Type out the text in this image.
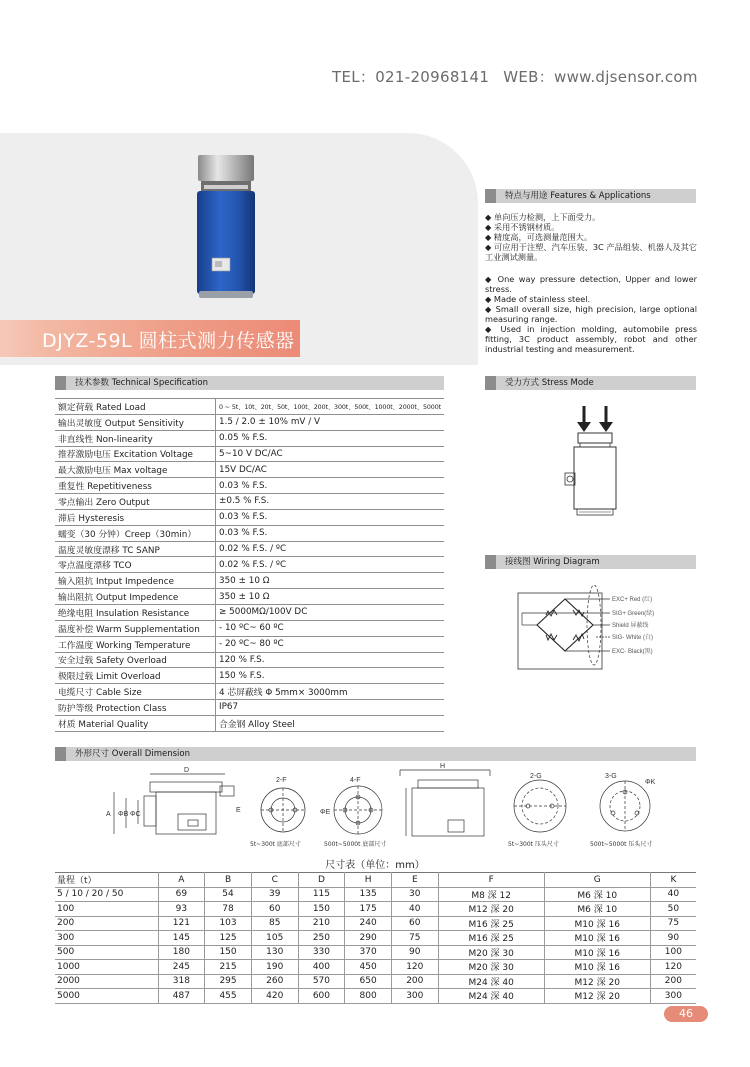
TEL：021-20968141 WEB：www.djsensor.com
DJYZ-59L 圆柱式测力传感器
特点与用途 Features & Applications
◆ 单向压力检测，上下面受力。
◆ 采用不锈钢材质。
◆ 精度高，可选测量范围大。
◆ 可应用于注塑、汽车压装、3C 产品组装、机器人及其它工业测试测量。
◆ One way pressure detection, Upper and lower stress.
◆ Made of stainless steel.
◆ Small overall size, high precision, large optional measuring range.
◆ Used in injection molding, automobile press fitting, 3C product assembly, robot and other industrial testing and measurement.
技术参数 Technical Specification
额定荷载 Rated Load	0 ~ 5t、10t、20t、50t、100t、200t、300t、500t、1000t、2000t、5000t
输出灵敏度 Output Sensitivity	1.5 / 2.0 ± 10% mV / V
非直线性 Non-linearity	0.05 % F.S.
推荐激励电压 Excitation Voltage	5~10 V DC/AC
最大激励电压 Max voltage	15V DC/AC
重复性 Repetitiveness	0.03 % F.S.
零点输出 Zero Output	±0.5 % F.S.
滞后 Hysteresis	0.03 % F.S.
蠕变（30 分钟）Creep（30min）	0.03 % F.S.
温度灵敏度漂移 TC SANP	0.02 % F.S. / ºC
零点温度漂移 TCO	0.02 % F.S. / ºC
输入阻抗 Intput Impedence	350 ± 10 Ω
输出阻抗 Output Impedence	350 ± 10 Ω
绝缘电阻 Insulation Resistance	≥ 5000MΩ/100V DC
温度补偿 Warm Supplementation	- 10 ºC~ 60 ºC
工作温度 Working Temperature	- 20 ºC~ 80 ºC
安全过载 Safety Overload	120 % F.S.
极限过载 Limit Overload	150 % F.S.
电缆尺寸 Cable Size	4 芯屏蔽线 Φ 5mm× 3000mm
防护等级 Protection Class	IP67
材质 Material Quality	合金钢 Alloy Steel
受力方式 Stress Mode
接线图 Wiring Diagram
EXC+ Red (红)
SIG+ Green(绿)
Shield 屏蔽线
SIG- White (白)
EXC- Black(黑)
外形尺寸 Overall Dimension
D
H
A ΦB ΦC
E
2-F	4-F
ΦE
2-G	3-G
ΦK
5t~300t 底部尺寸	500t~5000t 底部尺寸	5t~300t 压头尺寸	500t~5000t 压头尺寸
尺寸表（单位：mm）
量程（t）	A	B	C	D	H	E	F	G	K
5 / 10 / 20 / 50	69	54	39	115	135	30	M8 深 12	M6 深 10	40
100	93	78	60	150	175	40	M12 深 20	M6 深 10	50
200	121	103	85	210	240	60	M16 深 25	M10 深 16	75
300	145	125	105	250	290	75	M16 深 25	M10 深 16	90
500	180	150	130	330	370	90	M20 深 30	M10 深 16	100
1000	245	215	190	400	450	120	M20 深 30	M10 深 16	120
2000	318	295	260	570	650	200	M24 深 40	M12 深 20	200
5000	487	455	420	600	800	300	M24 深 40	M12 深 20	300
46
